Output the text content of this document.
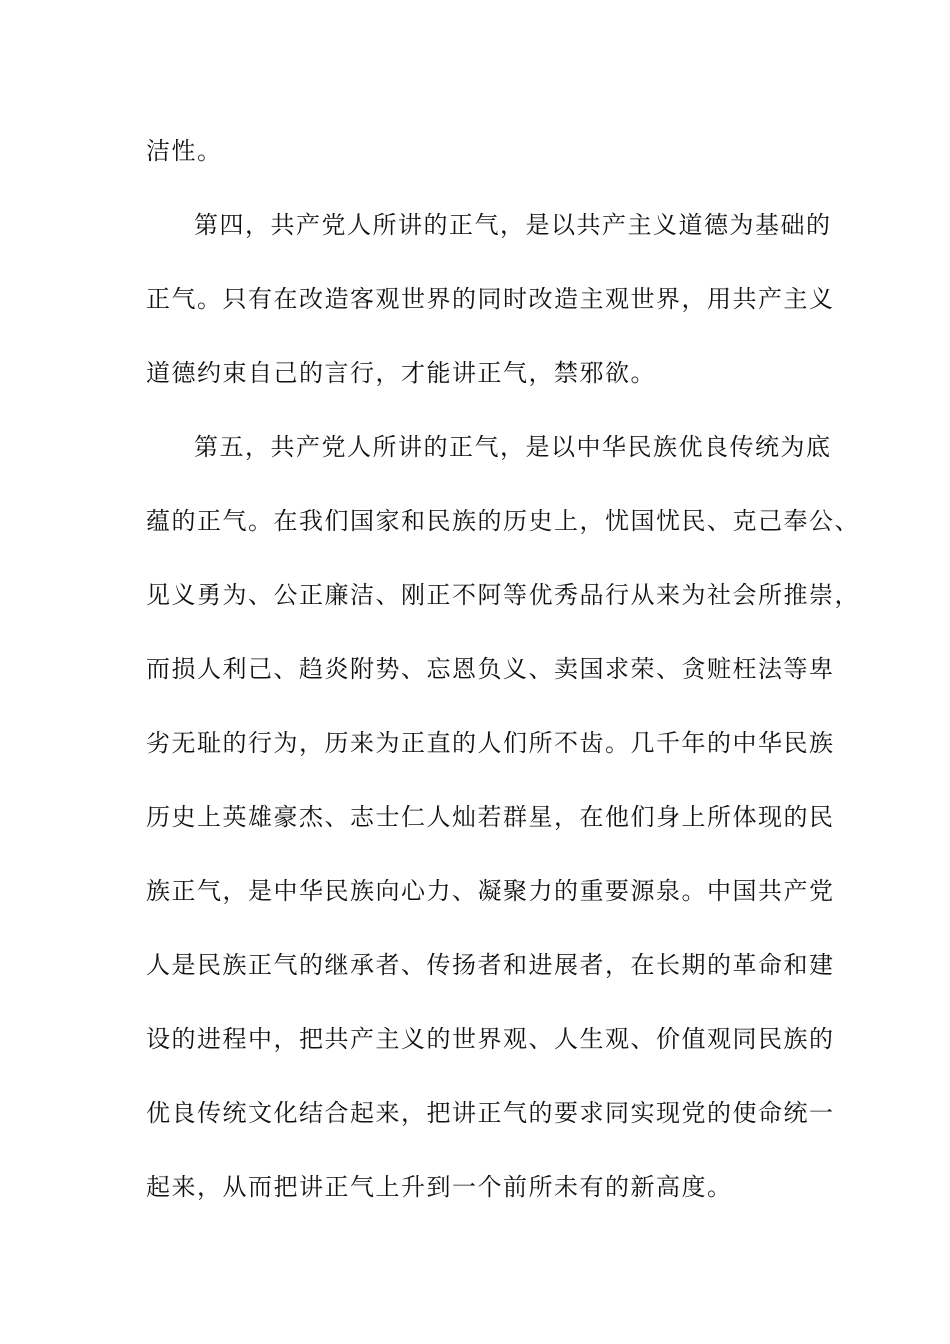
洁性。
第四，共产党人所讲的正气，是以共产主义道德为基础的
正气。只有在改造客观世界的同时改造主观世界，用共产主义
道德约束自己的言行，才能讲正气，禁邪欲。
第五，共产党人所讲的正气，是以中华民族优良传统为底
蕴的正气。在我们国家和民族的历史上，忧国忧民、克己奉公、
见义勇为、公正廉洁、刚正不阿等优秀品行从来为社会所推崇，
而损人利己、趋炎附势、忘恩负义、卖国求荣、贪赃枉法等卑
劣无耻的行为，历来为正直的人们所不齿。几千年的中华民族
历史上英雄豪杰、志士仁人灿若群星，在他们身上所体现的民
族正气，是中华民族向心力、凝聚力的重要源泉。中国共产党
人是民族正气的继承者、传扬者和进展者，在长期的革命和建
设的进程中，把共产主义的世界观、人生观、价值观同民族的
优良传统文化结合起来，把讲正气的要求同实现党的使命统一
起来，从而把讲正气上升到一个前所未有的新高度。
